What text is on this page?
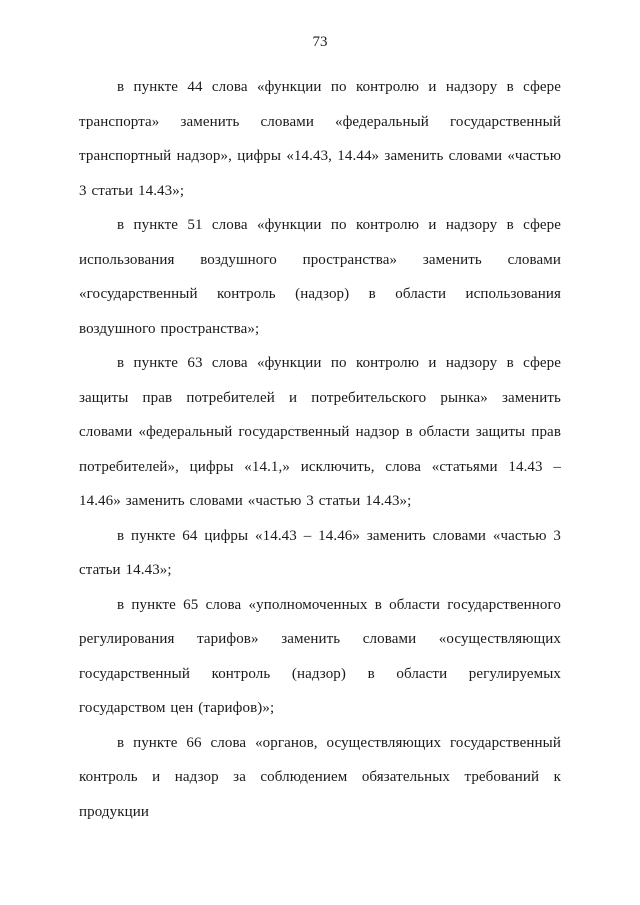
73

в пункте 44 слова «функции по контролю и надзору в сфере транспорта» заменить словами «федеральный государственный транспортный надзор», цифры «14.43, 14.44» заменить словами «частью 3 статьи 14.43»;

в пункте 51 слова «функции по контролю и надзору в сфере использования воздушного пространства» заменить словами «государственный контроль (надзор) в области использования воздушного пространства»;

в пункте 63 слова «функции по контролю и надзору в сфере защиты прав потребителей и потребительского рынка» заменить словами «федеральный государственный надзор в области защиты прав потребителей», цифры «14.1,» исключить, слова «статьями 14.43 – 14.46» заменить словами «частью 3 статьи 14.43»;

в пункте 64 цифры «14.43 – 14.46» заменить словами «частью 3 статьи 14.43»;

в пункте 65 слова «уполномоченных в области государственного регулирования тарифов» заменить словами «осуществляющих государственный контроль (надзор) в области регулируемых государством цен (тарифов)»;

в пункте 66 слова «органов, осуществляющих государственный контроль и надзор за соблюдением обязательных требований к продукции
